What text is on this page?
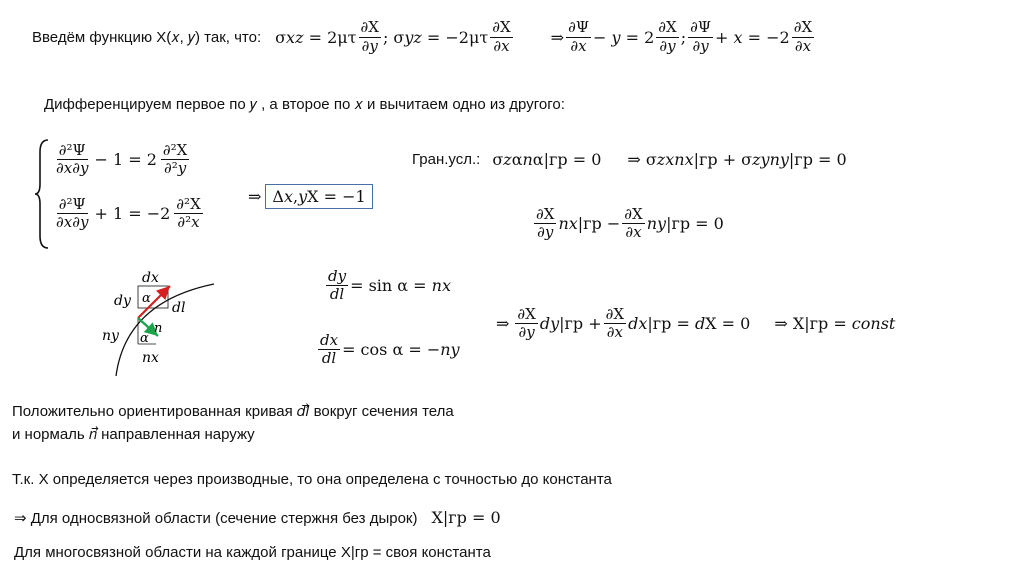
Введём функцию Х(𝑥, 𝑦) так, что: σ𝑥𝑧 = $2\mu\tau \frac{\partial X}{\text{∂𝑦}}$ ; σ𝑦𝑧 = $-2\mu\tau \frac{\partial X}{\text{∂𝑥}}$ ⇒ $\frac{\partial\Psi}{\text{∂𝑥}}$ − 𝑦 = $2 \frac{\partial X}{\text{∂𝑦}}$ ; $\frac{\partial\Psi}{\text{∂𝑦}}$ + 𝑥 = $-2 \frac{\partial X}{\text{∂𝑥}}$
Дифференцируем первое по 𝑦 , а второе по 𝑥 и вычитаем одно из другого:
$\frac{\text{∂²Ψ}}{\text{∂𝑥∂𝑦}} - 1 = 2 \frac{\text{∂²X}}{\text{∂²𝑦}}$
$\frac{\text{∂²Ψ}}{\text{∂𝑥∂𝑦}} + 1 = -2 \frac{\text{∂²X}}{\text{∂²𝑥}}$	⇒ Δ𝑥,𝑦X = −1
Гран.усл.: σ𝑧α𝑛α|гр = 0 ⇒ σ𝑧𝑥𝑛𝑥|гр + σ𝑧𝑦𝑛𝑦|гр = 0
$\frac{\partial X}{\text{∂𝑦}}$ 𝑛𝑥|гр − $\frac{\partial X}{\text{∂𝑥}}$ 𝑛𝑦|гр = 0
dx
dy α
dl
n
α
ny
nx
$\frac{\text{𝑑𝑦}}{\text{𝑑𝑙}} = \sin \alpha$ = 𝑛𝑥
$\frac{\text{𝑑𝑥}}{\text{𝑑𝑙}} = \cos \alpha$ = −𝑛𝑦
⇒ $\frac{\partial X}{\text{∂𝑦}}$ 𝑑𝑦|гр + $\frac{\partial X}{\text{∂𝑥}}$ 𝑑𝑥|гр = 𝑑X = 0 ⇒ X|гр = 𝑐𝑜𝑛𝑠𝑡
Положительно ориентированная кривая 𝑑𝑙⃗ вокруг сечения тела
и нормаль 𝑛⃗ направленная наружу
Т.к. Х определяется через производные, то она определена с точностью до константа
⇒ Для односвязной области (сечение стержня без дырок) X|гр = 0
Для многосвязной области на каждой границе X|гр = своя константа
